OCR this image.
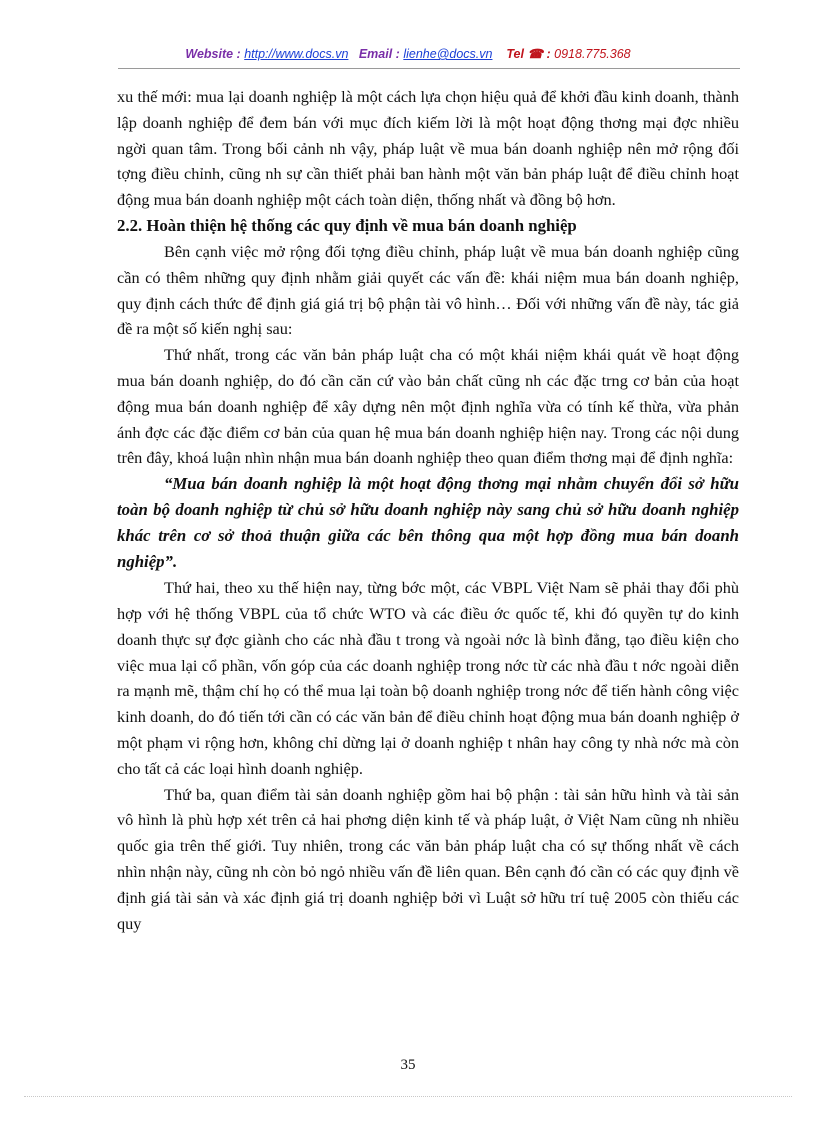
Website : http://www.docs.vn Email : lienhe@docs.vn Tel ☎ : 0918.775.368

xu thế mới: mua lại doanh nghiệp là một cách lựa chọn hiệu quả để khởi đầu kinh doanh, thành lập doanh nghiệp để đem bán với mục đích kiếm lời là một hoạt động thơng mại đợc nhiều ngời quan tâm. Trong bối cảnh nh vậy, pháp luật về mua bán doanh nghiệp nên mở rộng đối tợng điều chỉnh, cũng nh sự cần thiết phải ban hành một văn bản pháp luật để điều chỉnh hoạt động mua bán doanh nghiệp một cách toàn diện, thống nhất và đồng bộ hơn.

2.2. Hoàn thiện hệ thống các quy định về mua bán doanh nghiệp

Bên cạnh việc mở rộng đối tợng điều chỉnh, pháp luật về mua bán doanh nghiệp cũng cần có thêm những quy định nhằm giải quyết các vấn đề: khái niệm mua bán doanh nghiệp, quy định cách thức để định giá giá trị bộ phận tài vô hình… Đối với những vấn đề này, tác giả đề ra một số kiến nghị sau:

Thứ nhất, trong các văn bản pháp luật cha có một khái niệm khái quát về hoạt động mua bán doanh nghiệp, do đó cần căn cứ vào bản chất cũng nh các đặc trng cơ bản của hoạt động mua bán doanh nghiệp để xây dựng nên một định nghĩa vừa có tính kế thừa, vừa phản ánh đợc các đặc điểm cơ bản của quan hệ mua bán doanh nghiệp hiện nay. Trong các nội dung trên đây, khoá luận nhìn nhận mua bán doanh nghiệp theo quan điểm thơng mại để định nghĩa:

“Mua bán doanh nghiệp là một hoạt động thơng mại nhằm chuyển đổi sở hữu toàn bộ doanh nghiệp từ chủ sở hữu doanh nghiệp này sang chủ sở hữu doanh nghiệp khác trên cơ sở thoả thuận giữa các bên thông qua một hợp đồng mua bán doanh nghiệp”.

Thứ hai, theo xu thế hiện nay, từng bớc một, các VBPL Việt Nam sẽ phải thay đổi phù hợp với hệ thống VBPL của tổ chức WTO và các điều ớc quốc tế, khi đó quyền tự do kinh doanh thực sự đợc giành cho các nhà đầu t trong và ngoài nớc là bình đẳng, tạo điều kiện cho việc mua lại cổ phần, vốn góp của các doanh nghiệp trong nớc từ các nhà đầu t nớc ngoài diễn ra mạnh mẽ, thậm chí họ có thể mua lại toàn bộ doanh nghiệp trong nớc để tiến hành công việc kinh doanh, do đó tiến tới cần có các văn bản để điều chỉnh hoạt động mua bán doanh nghiệp ở một phạm vi rộng hơn, không chỉ dừng lại ở doanh nghiệp t nhân hay công ty nhà nớc mà còn cho tất cả các loại hình doanh nghiệp.

Thứ ba, quan điểm tài sản doanh nghiệp gồm hai bộ phận : tài sản hữu hình và tài sản vô hình là phù hợp xét trên cả hai phơng diện kinh tế và pháp luật, ở Việt Nam cũng nh nhiều quốc gia trên thế giới. Tuy nhiên, trong các văn bản pháp luật cha có sự thống nhất về cách nhìn nhận này, cũng nh còn bỏ ngỏ nhiều vấn đề liên quan. Bên cạnh đó cần có các quy định về định giá tài sản và xác định giá trị doanh nghiệp bởi vì Luật sở hữu trí tuệ 2005 còn thiếu các quy

35
